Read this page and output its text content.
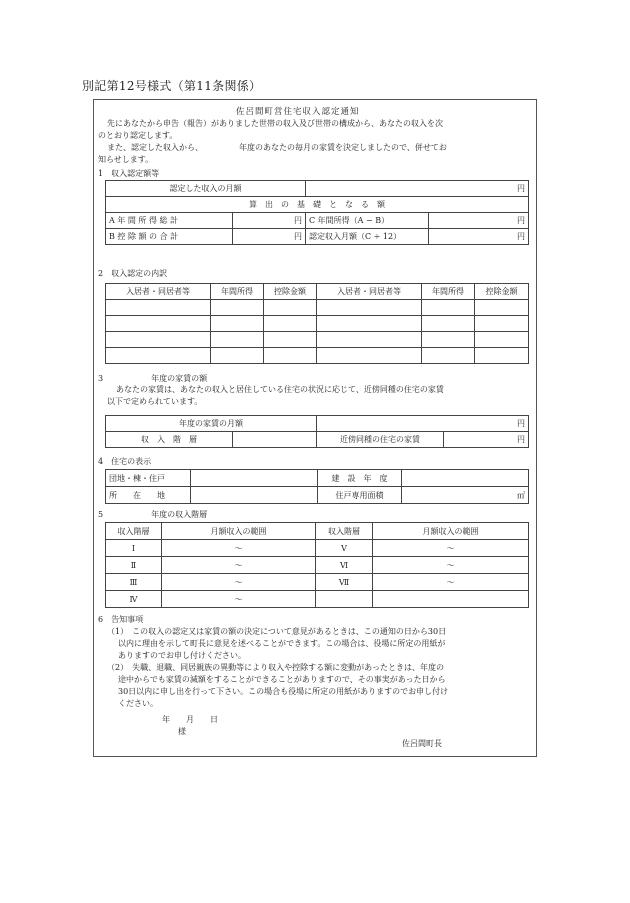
別記第12号様式（第11条関係）
佐呂間町営住宅収入認定通知
先にあなたから申告（報告）がありました世帯の収入及び世帯の構成から、あなたの収入を次
のとおり認定します。
また、認定した収入から、　　　　　年度のあなたの毎月の家賃を決定しましたので、併せてお
知らせします。
1　収入認定額等
認定した収入の月額		円	
算　出　の　基　礎　と　な　る　額			
A 年 間 所 得 総 計	円	C 年間所得（A − B）	円
B 控 除 額 の 合 計	円	認定収入月額（C ÷ 12）	円
2　収入認定の内訳
入居者・同居者等	年間所得	控除金額	入居者・同居者等	年間所得	控除金額

3　　　　　　年度の家賃の額
あなたの家賃は、あなたの収入と居住している住宅の状況に応じて、近傍同種の住宅の家賃
以下で定められています。
年度の家賃の月額		円	
収　入　階　層		近傍同種の住宅の家賃	円
4　住宅の表示
団地・棟・住戸		建　設　年　度	
所　　在　　地		住戸専用面積	㎡
5　　　　　　年度の収入階層
収入階層	月額収入の範囲	収入階層	月額収入の範囲
Ⅰ	〜	Ⅴ	〜
Ⅱ	〜	Ⅵ	〜
Ⅲ	〜	Ⅶ	〜
Ⅳ	〜		
6　告知事項
（1）　この収入の認定又は家賃の額の決定について意見があるときは、この通知の日から30日
以内に理由を示して町長に意見を述べることができます。この場合は、役場に所定の用紙が
ありますのでお申し付けください。
（2）　失職、退職、同居親族の異動等により収入や控除する額に変動があったときは、年度の
途中からでも家賃の減額をすることができることがありますので、その事実があった日から
30日以内に申し出を行って下さい。この場合も役場に所定の用紙がありますのでお申し付け
ください。
年　　月　　日
様
佐呂間町長
